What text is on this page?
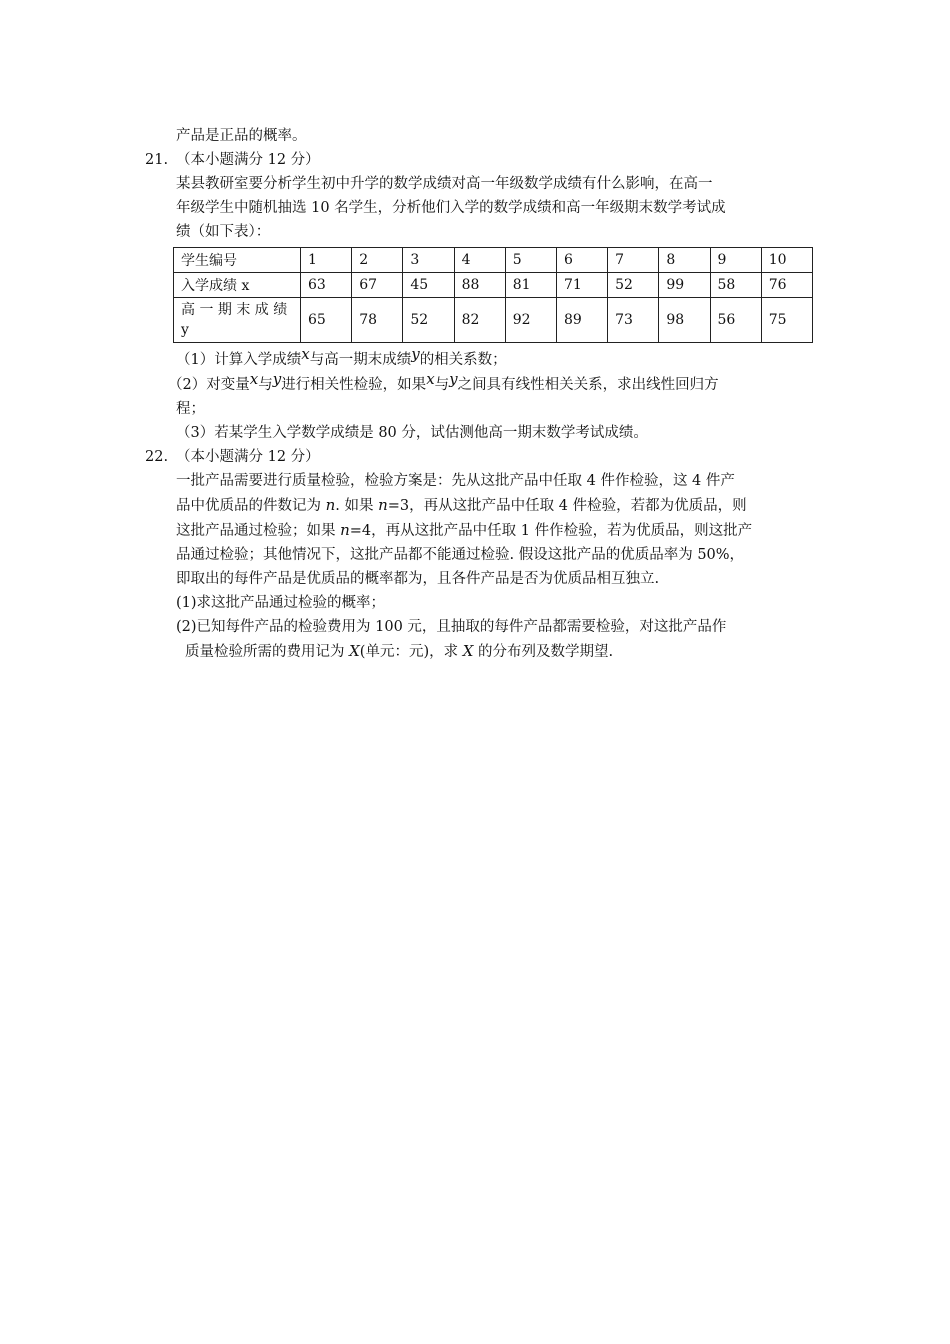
产品是正品的概率。
21. （本小题满分 12 分）
某县教研室要分析学生初中升学的数学成绩对高一年级数学成绩有什么影响，在高一
年级学生中随机抽选 10 名学生，分析他们入学的数学成绩和高一年级期末数学考试成
绩（如下表）：
学生编号	1	2	3	4	5	6	7	8	9	10
入学成绩 x	63	67	45	88	81	71	52	99	58	76

高 一 期 末 成 绩
y	65	78	52	82	92	89	73	98	56	75
（1）计算入学成绩x与高一期末成绩y的相关系数；
（2）对变量x与y进行相关性检验，如果x与y之间具有线性相关关系，求出线性回归方
程；
（3）若某学生入学数学成绩是 80 分，试估测他高一期末数学考试成绩。
22. （本小题满分 12 分）
一批产品需要进行质量检验，检验方案是：先从这批产品中任取 4 件作检验，这 4 件产
品中优质品的件数记为 n. 如果 n=3，再从这批产品中任取 4 件检验，若都为优质品，则
这批产品通过检验；如果 n=4，再从这批产品中任取 1 件作检验，若为优质品，则这批产
品通过检验；其他情况下，这批产品都不能通过检验. 假设这批产品的优质品率为 50%，
即取出的每件产品是优质品的概率都为，且各件产品是否为优质品相互独立.
(1)求这批产品通过检验的概率；
(2)已知每件产品的检验费用为 100 元，且抽取的每件产品都需要检验，对这批产品作
质量检验所需的费用记为 X(单元：元)，求 X 的分布列及数学期望.
